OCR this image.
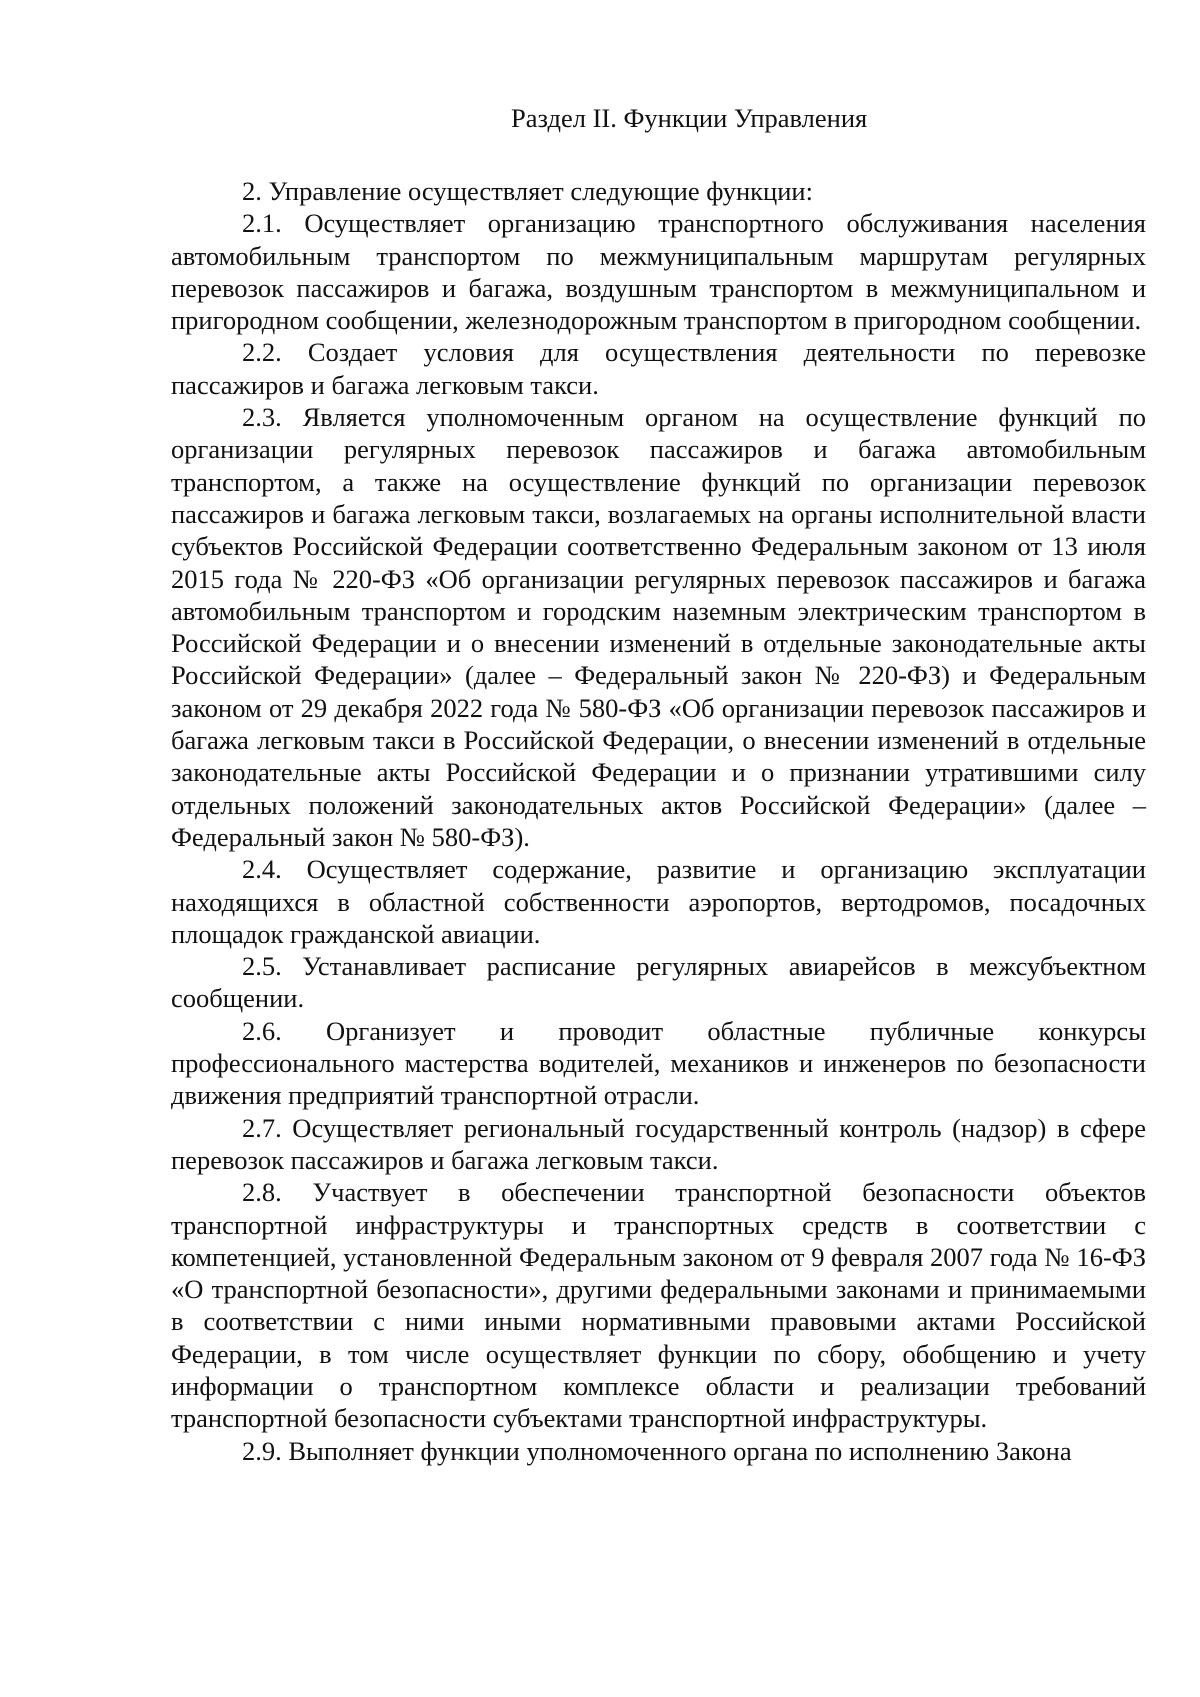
Раздел II. Функции Управления

2. Управление осуществляет следующие функции:

2.1. Осуществляет организацию транспортного обслуживания населения автомобильным транспортом по межмуниципальным маршрутам регулярных перевозок пассажиров и багажа, воздушным транспортом в межмуниципальном и пригородном сообщении, железнодорожным транспортом в пригородном сообщении.

2.2. Создает условия для осуществления деятельности по перевозке пассажиров и багажа легковым такси.

2.3. Является уполномоченным органом на осуществление функций по организации регулярных перевозок пассажиров и багажа автомобильным транспортом, а также на осуществление функций по организации перевозок пассажиров и багажа легковым такси, возлагаемых на органы исполнительной власти субъектов Российской Федерации соответственно Федеральным законом от 13 июля 2015 года № 220-ФЗ «Об организации регулярных перевозок пассажиров и багажа автомобильным транспортом и городским наземным электрическим транспортом в Российской Федерации и о внесении изменений в отдельные законодательные акты Российской Федерации» (далее – Федеральный закон № 220-ФЗ) и Федеральным законом от 29 декабря 2022 года № 580-ФЗ «Об организации перевозок пассажиров и багажа легковым такси в Российской Федерации, о внесении изменений в отдельные законодательные акты Российской Федерации и о признании утратившими силу отдельных положений законодательных актов Российской Федерации» (далее – Федеральный закон № 580-ФЗ).

2.4. Осуществляет содержание, развитие и организацию эксплуатации находящихся в областной собственности аэропортов, вертодромов, посадочных площадок гражданской авиации.

2.5. Устанавливает расписание регулярных авиарейсов в межсубъектном сообщении.

2.6. Организует и проводит областные публичные конкурсы профессионального мастерства водителей, механиков и инженеров по безопасности движения предприятий транспортной отрасли.

2.7. Осуществляет региональный государственный контроль (надзор) в сфере перевозок пассажиров и багажа легковым такси.

2.8. Участвует в обеспечении транспортной безопасности объектов транспортной инфраструктуры и транспортных средств в соответствии с компетенцией, установленной Федеральным законом от 9 февраля 2007 года № 16-ФЗ «О транспортной безопасности», другими федеральными законами и принимаемыми в соответствии с ними иными нормативными правовыми актами Российской Федерации, в том числе осуществляет функции по сбору, обобщению и учету информации о транспортном комплексе области и реализации требований транспортной безопасности субъектами транспортной инфраструктуры.

2.9. Выполняет функции уполномоченного органа по исполнению Закона
